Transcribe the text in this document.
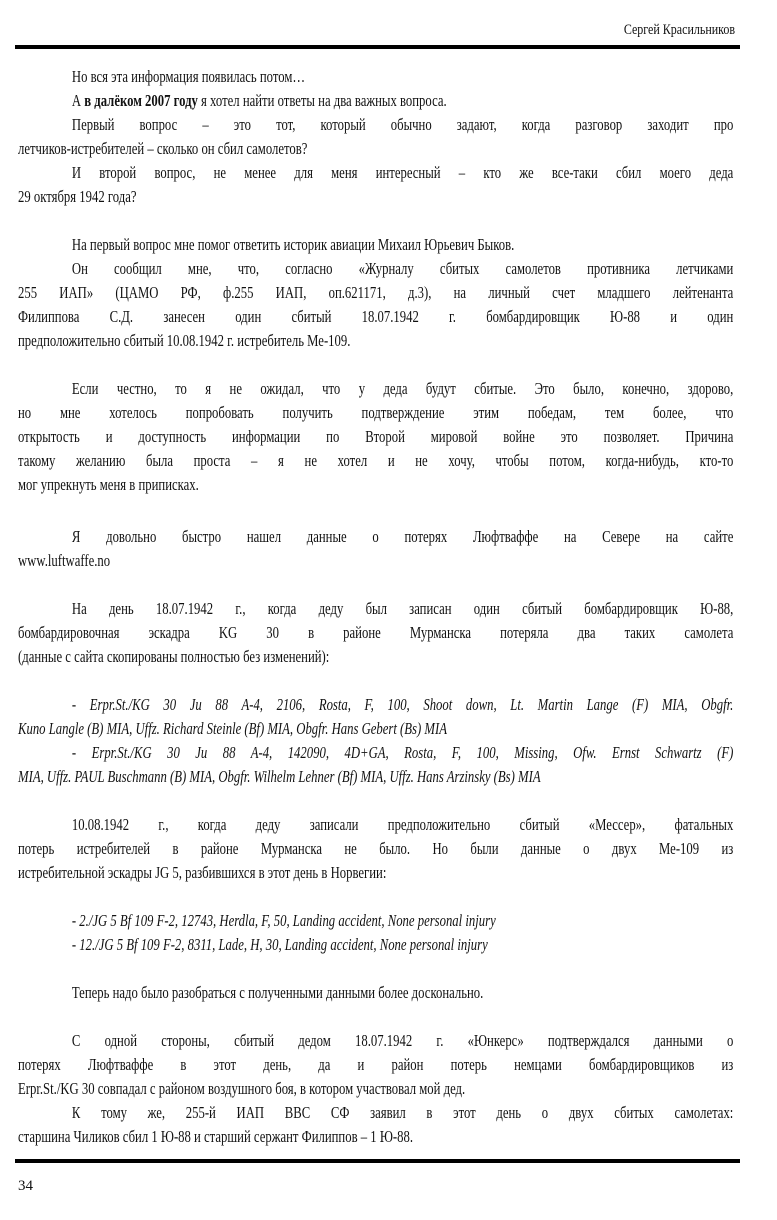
Сергей Красильников
Но вся эта информация появилась потом…
А в далёком 2007 году я хотел найти ответы на два важных вопроса.
Первый вопрос – это тот, который обычно задают, когда разговор заходит про
летчиков-истребителей – сколько он сбил самолетов?
И второй вопрос, не менее для меня интересный – кто же все-таки сбил моего деда
29 октября 1942 года?
На первый вопрос мне помог ответить историк авиации Михаил Юрьевич Быков.
Он сообщил мне, что, согласно «Журналу сбитых самолетов противника летчиками
255 ИАП» (ЦАМО РФ, ф.255 ИАП, оп.621171, д.3), на личный счет младшего лейтенанта
Филиппова С.Д. занесен один сбитый 18.07.1942 г. бомбардировщик Ю-88 и один
предположительно сбитый 10.08.1942 г. истребитель Ме-109.
Если честно, то я не ожидал, что у деда будут сбитые. Это было, конечно, здорово,
но мне хотелось попробовать получить подтверждение этим победам, тем более, что
открытость и доступность информации по Второй мировой войне это позволяет. Причина
такому желанию была проста – я не хотел и не хочу, чтобы потом, когда-нибудь, кто-то
мог упрекнуть меня в приписках.
Я довольно быстро нашел данные о потерях Люфтваффе на Севере на сайте
www.luftwaffe.no
На день 18.07.1942 г., когда деду был записан один сбитый бомбардировщик Ю-88,
бомбардировочная эскадра KG 30 в районе Мурманска потеряла два таких самолета
(данные с сайта скопированы полностью без изменений):
- Erpr.St./KG 30 Ju 88 A-4, 2106, Rosta, F, 100, Shoot down, Lt. Martin Lange (F) MIA, Obgfr.
Kuno Langle (B) MIA, Uffz. Richard Steinle (Bf) MIA, Obgfr. Hans Gebert (Bs) MIA
- Erpr.St./KG 30 Ju 88 A-4, 142090, 4D+GA, Rosta, F, 100, Missing, Ofw. Ernst Schwartz (F)
MIA, Uffz. PAUL Buschmann (B) MIA, Obgfr. Wilhelm Lehner (Bf) MIA, Uffz. Hans Arzinsky (Bs) MIA
10.08.1942 г., когда деду записали предположительно сбитый «Мессер», фатальных
потерь истребителей в районе Мурманска не было. Но были данные о двух Ме-109 из
истребительной эскадры JG 5, разбившихся в этот день в Норвегии:
- 2./JG 5 Bf 109 F-2, 12743, Herdla, F, 50, Landing accident, None personal injury
- 12./JG 5 Bf 109 F-2, 8311, Lade, H, 30, Landing accident, None personal injury
Теперь надо было разобраться с полученными данными более досконально.
С одной стороны, сбитый дедом 18.07.1942 г. «Юнкерс» подтверждался данными о
потерях Люфтваффе в этот день, да и район потерь немцами бомбардировщиков из
Erpr.St./KG 30 совпадал с районом воздушного боя, в котором участвовал мой дед.
К тому же, 255-й ИАП ВВС СФ заявил в этот день о двух сбитых самолетах:
старшина Чиликов сбил 1 Ю-88 и старший сержант Филиппов – 1 Ю-88.
34
